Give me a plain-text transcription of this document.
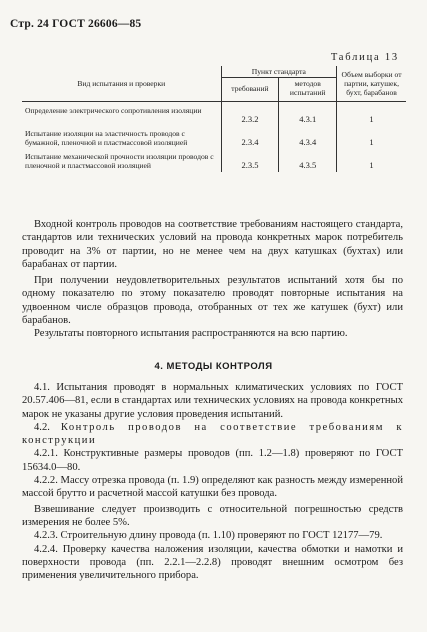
Стр. 24 ГОСТ 26606—85
Таблица 13
Вид испытания и проверки	Пункт стандарта		Объем выборки от партии, катушек, бухт, барабанов
	требований	методов испытаний	
Определение электрического сопротивления изоляции	2.3.2	4.3.1	1
Испытание изоляции на эластичность проводов с бумажной, пленочной и пластмассовой изоляцией	2.3.4	4.3.4	1
Испытание механической прочности изоляции проводов с пленочной и пластмассовой изоляцией	2.3.5	4.3.5	1

Входной контроль проводов на соответствие требованиям настоящего стандарта, стандартов или технических условий на провода конкретных марок потребитель проводит на 3% от партии, но не менее чем на двух катушках (бухтах) или барабанах от партии.

При получении неудовлетворительных результатов испытаний хотя бы по одному показателю по этому показателю проводят повторные испытания на удвоенном числе образцов провода, отобранных от тех же катушек (бухт) или барабанов.

Результаты повторного испытания распространяются на всю партию.

4. МЕТОДЫ КОНТРОЛЯ

4.1. Испытания проводят в нормальных климатических условиях по ГОСТ 20.57.406—81, если в стандартах или технических условиях на провода конкретных марок не указаны другие условия проведения испытаний.

4.2. Контроль проводов на соответствие требованиям к конструкции

4.2.1. Конструктивные размеры проводов (пп. 1.2—1.8) проверяют по ГОСТ 15634.0—80.

4.2.2. Массу отрезка провода (п. 1.9) определяют как разность между измеренной массой брутто и расчетной массой катушки без провода.

Взвешивание следует производить с относительной погрешностью средств измерения не более 5%.

4.2.3. Строительную длину провода (п. 1.10) проверяют по ГОСТ 12177—79.

4.2.4. Проверку качества наложения изоляции, качества обмотки и намотки и поверхности провода (пп. 2.2.1—2.2.8) проводят внешним осмотром без применения увеличительного прибора.
